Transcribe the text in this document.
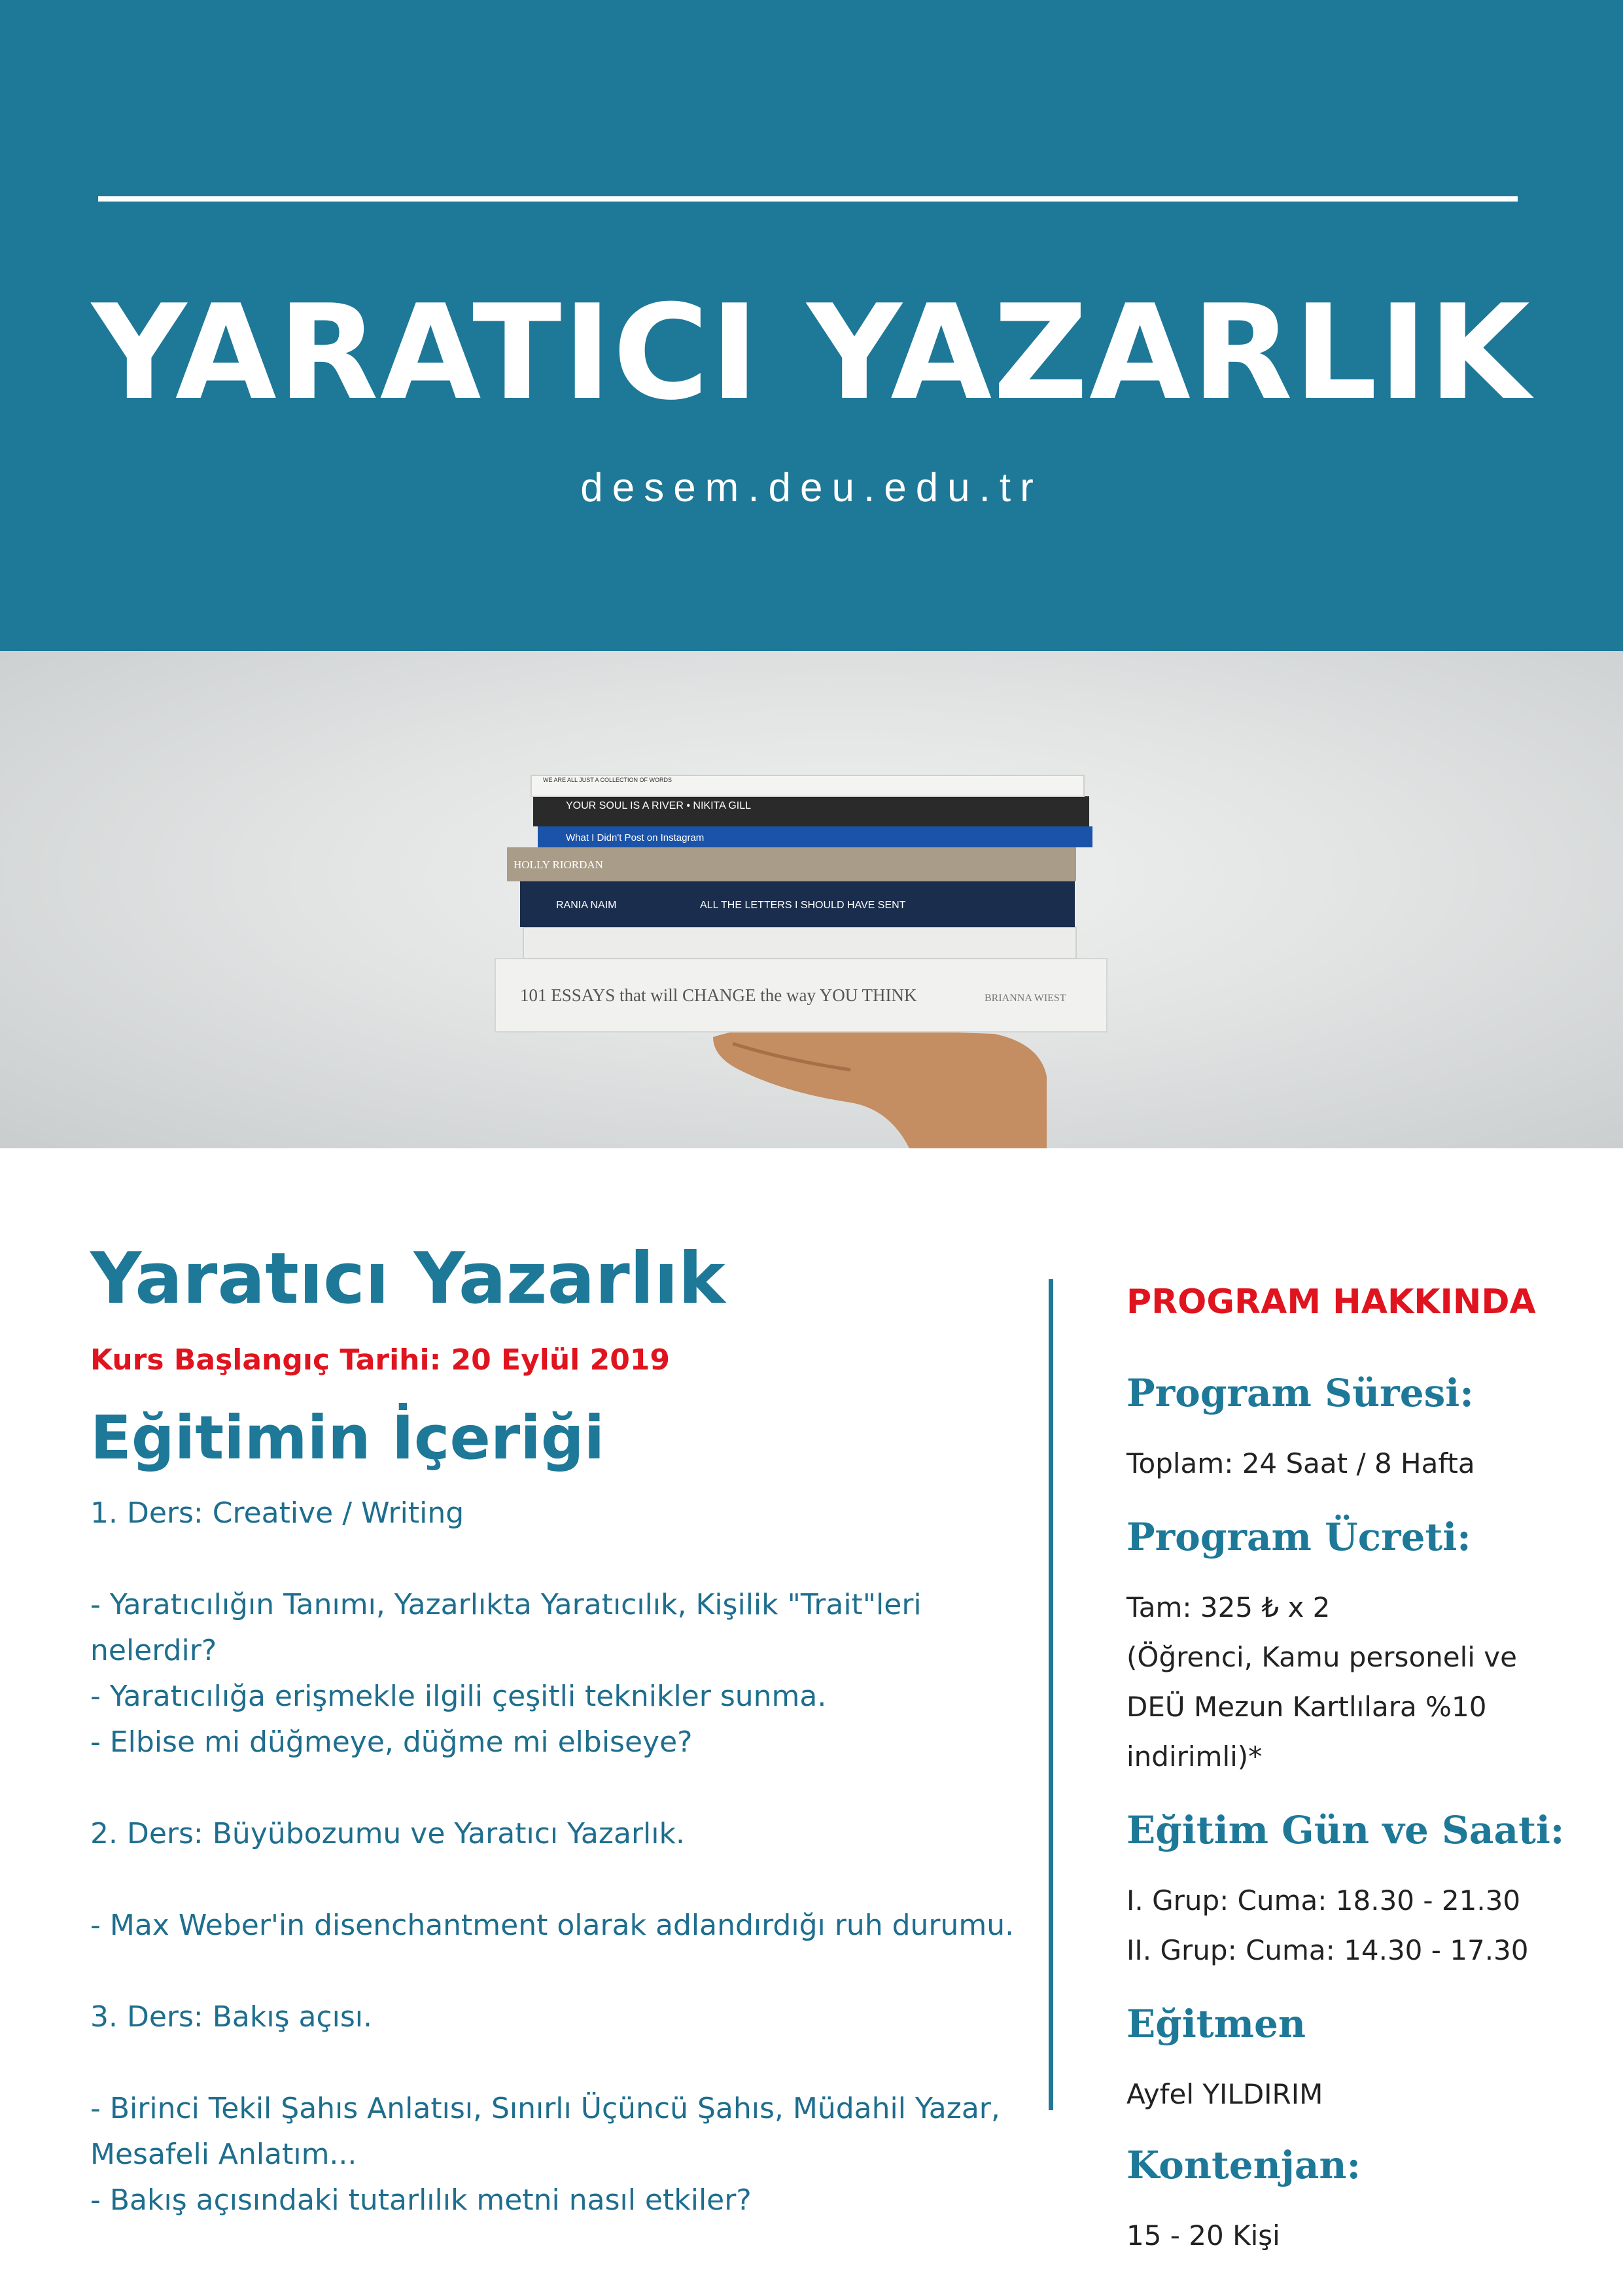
YARATICI YAZARLIK
desem.deu.edu.tr
101 ESSAYS that will CHANGE the way YOU THINK	BRIANNA WIEST
RANIA NAIM	ALL THE LETTERS I SHOULD HAVE SENT
HOLLY RIORDAN
What I Didn't Post on Instagram
YOUR SOUL IS A RIVER • NIKITA GILL
WE ARE ALL JUST A COLLECTION OF WORDS
Yaratıcı Yazarlık

Kurs Başlangıç Tarihi: 20 Eylül 2019

Eğitimin İçeriği

1. Ders: Creative / Writing

- Yaratıcılığın Tanımı, Yazarlıkta Yaratıcılık, Kişilik "Trait"leri nelerdir?

- Yaratıcılığa erişmekle ilgili çeşitli teknikler sunma.

- Elbise mi düğmeye, düğme mi elbiseye?

2. Ders: Büyübozumu ve Yaratıcı Yazarlık.

- Max Weber'in disenchantment olarak adlandırdığı ruh durumu.

3. Ders: Bakış açısı.

- Birinci Tekil Şahıs Anlatısı, Sınırlı Üçüncü Şahıs, Müdahil Yazar,

Mesafeli Anlatım...

- Bakış açısındaki tutarlılık metni nasıl etkiler?

PROGRAM HAKKINDA

Program Süresi:

Toplam: 24 Saat / 8 Hafta

Program Ücreti:

Tam: 325 ₺ x 2

(Öğrenci, Kamu personeli ve

DEÜ Mezun Kartlılara %10

indirimli)*

Eğitim Gün ve Saati:

I. Grup: Cuma: 18.30 - 21.30

II. Grup: Cuma: 14.30 - 17.30

Eğitmen

Ayfel YILDIRIM

Kontenjan:

15 - 20 Kişi
